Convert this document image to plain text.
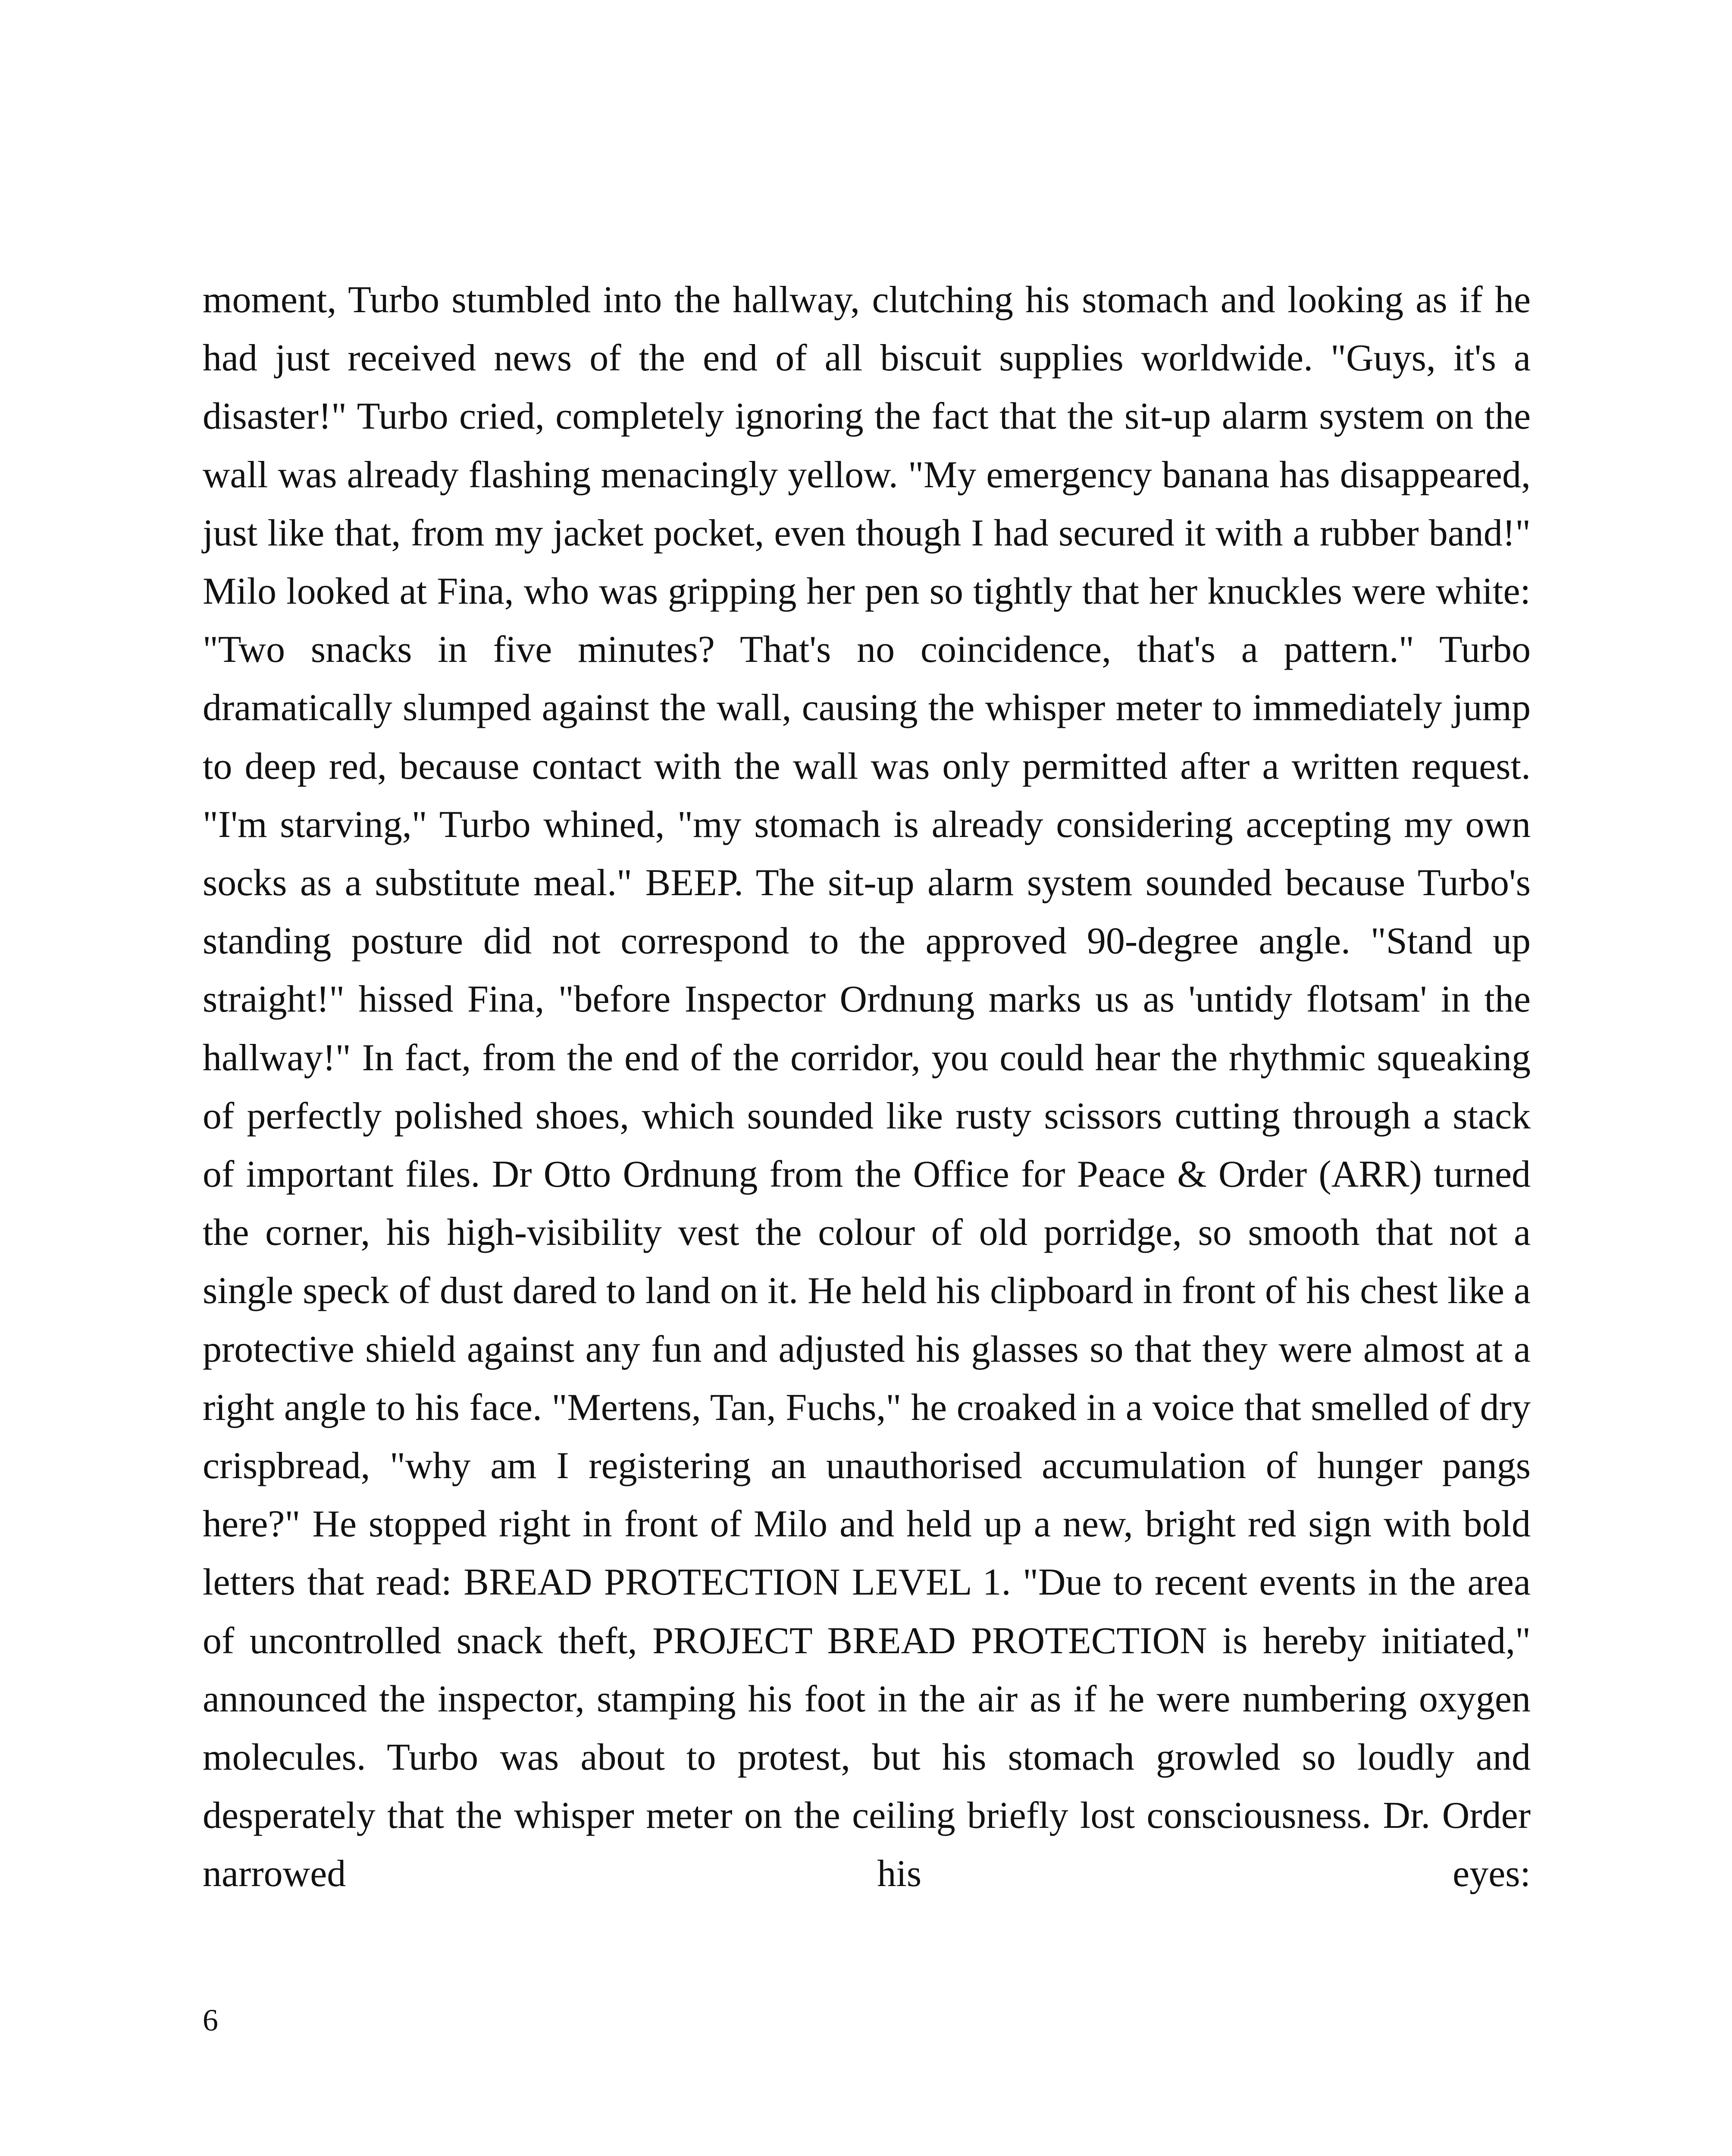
moment, Turbo stumbled into the hallway, clutching his stomach and looking as if he had just received news of the end of all biscuit supplies worldwide. "Guys, it's a disaster!" Turbo cried, completely ignoring the fact that the sit-up alarm system on the wall was already flashing menacingly yellow. "My emergency banana has disappeared, just like that, from my jacket pocket, even though I had secured it with a rubber band!" Milo looked at Fina, who was gripping her pen so tightly that her knuckles were white: "Two snacks in five minutes? That's no coincidence, that's a pattern." Turbo dramatically slumped against the wall, causing the whisper meter to immediately jump to deep red, because contact with the wall was only permitted after a written request. "I'm starving," Turbo whined, "my stomach is already considering accepting my own socks as a substitute meal." BEEP. The sit-up alarm system sounded because Turbo's standing posture did not correspond to the approved 90-degree angle. "Stand up straight!" hissed Fina, "before Inspector Ordnung marks us as 'untidy flotsam' in the hallway!" In fact, from the end of the corridor, you could hear the rhythmic squeaking of perfectly polished shoes, which sounded like rusty scissors cutting through a stack of important files. Dr Otto Ordnung from the Office for Peace & Order (ARR) turned the corner, his high-visibility vest the colour of old porridge, so smooth that not a single speck of dust dared to land on it. He held his clipboard in front of his chest like a protective shield against any fun and adjusted his glasses so that they were almost at a right angle to his face. "Mertens, Tan, Fuchs," he croaked in a voice that smelled of dry crispbread, "why am I registering an unauthorised accumulation of hunger pangs here?" He stopped right in front of Milo and held up a new, bright red sign with bold letters that read: BREAD PROTECTION LEVEL 1. "Due to recent events in the area of uncontrolled snack theft, PROJECT BREAD PROTECTION is hereby initiated," announced the inspector, stamping his foot in the air as if he were numbering oxygen molecules. Turbo was about to protest, but his stomach growled so loudly and desperately that the whisper meter on the ceiling briefly lost consciousness. Dr. Order narrowed his eyes:

6
